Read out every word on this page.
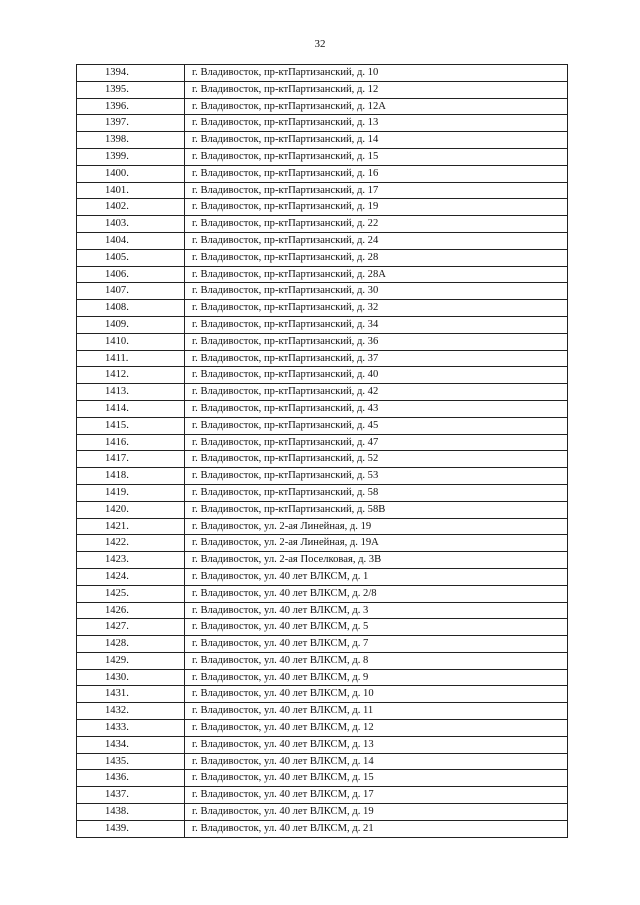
32
1394.	г. Владивосток, пр-ктПартизанский, д. 10
1395.	г. Владивосток, пр-ктПартизанский, д. 12
1396.	г. Владивосток, пр-ктПартизанский, д. 12А
1397.	г. Владивосток, пр-ктПартизанский, д. 13
1398.	г. Владивосток, пр-ктПартизанский, д. 14
1399.	г. Владивосток, пр-ктПартизанский, д. 15
1400.	г. Владивосток, пр-ктПартизанский, д. 16
1401.	г. Владивосток, пр-ктПартизанский, д. 17
1402.	г. Владивосток, пр-ктПартизанский, д. 19
1403.	г. Владивосток, пр-ктПартизанский, д. 22
1404.	г. Владивосток, пр-ктПартизанский, д. 24
1405.	г. Владивосток, пр-ктПартизанский, д. 28
1406.	г. Владивосток, пр-ктПартизанский, д. 28А
1407.	г. Владивосток, пр-ктПартизанский, д. 30
1408.	г. Владивосток, пр-ктПартизанский, д. 32
1409.	г. Владивосток, пр-ктПартизанский, д. 34
1410.	г. Владивосток, пр-ктПартизанский, д. 36
1411.	г. Владивосток, пр-ктПартизанский, д. 37
1412.	г. Владивосток, пр-ктПартизанский, д. 40
1413.	г. Владивосток, пр-ктПартизанский, д. 42
1414.	г. Владивосток, пр-ктПартизанский, д. 43
1415.	г. Владивосток, пр-ктПартизанский, д. 45
1416.	г. Владивосток, пр-ктПартизанский, д. 47
1417.	г. Владивосток, пр-ктПартизанский, д. 52
1418.	г. Владивосток, пр-ктПартизанский, д. 53
1419.	г. Владивосток, пр-ктПартизанский, д. 58
1420.	г. Владивосток, пр-ктПартизанский, д. 58В
1421.	г. Владивосток, ул. 2-ая Линейная, д. 19
1422.	г. Владивосток, ул. 2-ая Линейная, д. 19А
1423.	г. Владивосток, ул. 2-ая Поселковая, д. 3В
1424.	г. Владивосток, ул. 40 лет ВЛКСМ, д. 1
1425.	г. Владивосток, ул. 40 лет ВЛКСМ, д. 2/8
1426.	г. Владивосток, ул. 40 лет ВЛКСМ, д. 3
1427.	г. Владивосток, ул. 40 лет ВЛКСМ, д. 5
1428.	г. Владивосток, ул. 40 лет ВЛКСМ, д. 7
1429.	г. Владивосток, ул. 40 лет ВЛКСМ, д. 8
1430.	г. Владивосток, ул. 40 лет ВЛКСМ, д. 9
1431.	г. Владивосток, ул. 40 лет ВЛКСМ, д. 10
1432.	г. Владивосток, ул. 40 лет ВЛКСМ, д. 11
1433.	г. Владивосток, ул. 40 лет ВЛКСМ, д. 12
1434.	г. Владивосток, ул. 40 лет ВЛКСМ, д. 13
1435.	г. Владивосток, ул. 40 лет ВЛКСМ, д. 14
1436.	г. Владивосток, ул. 40 лет ВЛКСМ, д. 15
1437.	г. Владивосток, ул. 40 лет ВЛКСМ, д. 17
1438.	г. Владивосток, ул. 40 лет ВЛКСМ, д. 19
1439.	г. Владивосток, ул. 40 лет ВЛКСМ, д. 21
